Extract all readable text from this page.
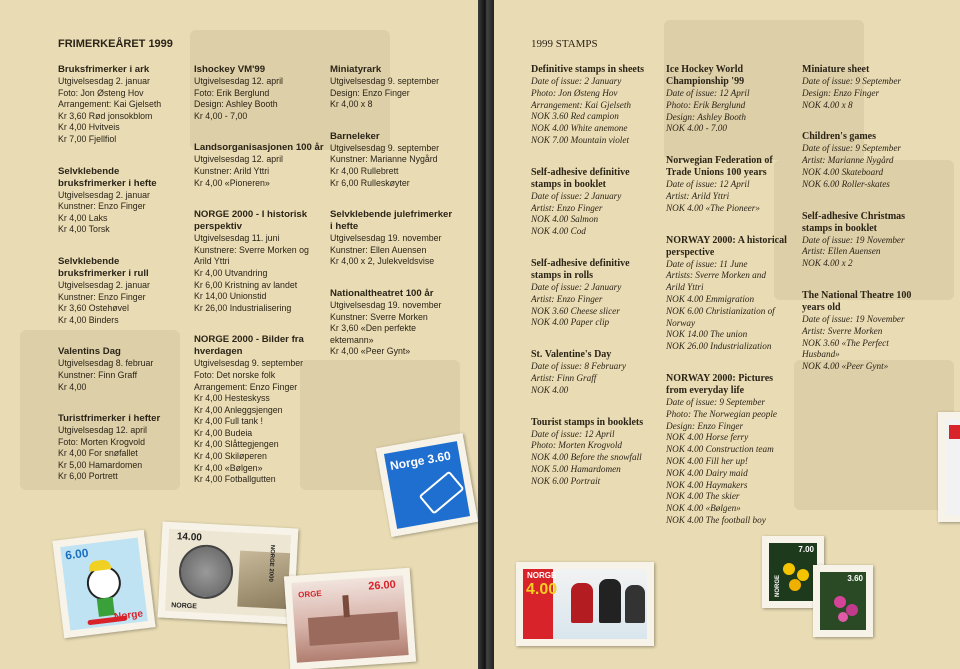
FRIMERKEÅRET 1999
Bruksfrimerker i ark
Utgivelsesdag 2. januar
Foto: Jon Østeng Hov
Arrangement: Kai Gjelseth
Kr 3,60 Rød jonsokblom
Kr 4,00 Hvitveis
Kr 7,00 Fjellfiol
Selvklebende
bruksfrimerker i hefte
Utgivelsesdag 2. januar
Kunstner: Enzo Finger
Kr 4,00 Laks
Kr 4,00 Torsk
Selvklebende
bruksfrimerker i rull
Utgivelsesdag 2. januar
Kunstner: Enzo Finger
Kr 3,60 Ostehøvel
Kr 4,00 Binders
Valentins Dag
Utgivelsesdag 8. februar
Kunstner: Finn Graff
Kr 4,00
Turistfrimerker i hefter
Utgivelsesdag 12. april
Foto: Morten Krogvold
Kr 4,00 For snøfallet
Kr 5,00 Hamardomen
Kr 6,00 Portrett
Ishockey VM'99
Utgivelsesdag 12. april
Foto: Erik Berglund
Design: Ashley Booth
Kr 4,00 - 7,00
Landsorganisasjonen 100 år
Utgivelsesdag 12. april
Kunstner: Arild Yttri
Kr 4,00 «Pioneren»
NORGE 2000 - I historisk
perspektiv
Utgivelsesdag 11. juni
Kunstnere: Sverre Morken og
Arild Yttri
Kr 4,00 Utvandring
Kr 6,00 Kristning av landet
Kr 14,00 Unionstid
Kr 26,00 Industrialisering
NORGE 2000 - Bilder fra
hverdagen
Utgivelsesdag 9. september
Foto: Det norske folk
Arrangement: Enzo Finger
Kr 4,00 Hesteskyss
Kr 4,00 Anleggsjengen
Kr 4,00 Full tank !
Kr 4,00 Budeia
Kr 4,00 Slåttegjengen
Kr 4,00 Skiløperen
Kr 4,00 «Bølgen»
Kr 4,00 Fotballgutten
Miniatyrark
Utgivelsesdag 9. september
Design: Enzo Finger
Kr 4,00 x 8
Barneleker
Utgivelsesdag 9. september
Kunstner: Marianne Nygård
Kr 4,00 Rullebrett
Kr 6,00 Rulleskøyter
Selvklebende julefrimerker
i hefte
Utgivelsesdag 19. november
Kunstner: Ellen Auensen
Kr 4,00 x 2, Julekveldsvise
Nationaltheatret 100 år
Utgivelsesdag 19. november
Kunstner: Sverre Morken
Kr 3,60 «Den perfekte
ektemann»
Kr 4,00 «Peer Gynt»
6.00
Norge
14.00
NORGE
NORGE 2000
26.00
ORGE
Norge 3.60
1999 STAMPS
Definitive stamps in sheets
Date of issue: 2 January
Photo: Jon Østeng Hov
Arrangement: Kai Gjelseth
NOK 3.60 Red campion
NOK 4.00 White anemone
NOK 7.00 Mountain violet
Self-adhesive definitive
stamps in booklet
Date of issue: 2 January
Artist: Enzo Finger
NOK 4.00 Salmon
NOK 4.00 Cod
Self-adhesive definitive
stamps in rolls
Date of issue: 2 January
Artist: Enzo Finger
NOK 3.60 Cheese slicer
NOK 4.00 Paper clip
St. Valentine's Day
Date of issue: 8 February
Artist: Finn Graff
NOK 4.00
Tourist stamps in booklets
Date of issue: 12 April
Photo: Morten Krogvold
NOK 4.00 Before the snowfall
NOK 5.00 Hamardomen
NOK 6.00 Portrait
Ice Hockey World
Championship '99
Date of issue: 12 April
Photo: Erik Berglund
Design: Ashley Booth
NOK 4.00 - 7.00
Norwegian Federation of
Trade Unions 100 years
Date of issue: 12 April
Artist: Arild Yttri
NOK 4.00 «The Pioneer»
NORWAY 2000: A historical
perspective
Date of issue: 11 June
Artists: Sverre Morken and
Arild Yttri
NOK 4.00 Emmigration
NOK 6.00 Christianization of
Norway
NOK 14.00 The union
NOK 26.00 Industrialization
NORWAY 2000: Pictures
from everyday life
Date of issue: 9 September
Photo: The Norwegian people
Design: Enzo Finger
NOK 4.00 Horse ferry
NOK 4.00 Construction team
NOK 4.00 Fill her up!
NOK 4.00 Dairy maid
NOK 4.00 Haymakers
NOK 4.00 The skier
NOK 4.00 «Bølgen»
NOK 4.00 The football boy
Miniature sheet
Date of issue: 9 September
Design: Enzo Finger
NOK 4.00 x 8
Children's games
Date of issue: 9 September
Artist: Marianne Nygård
NOK 4.00 Skateboard
NOK 6.00 Roller-skates
Self-adhesive Christmas
stamps in booklet
Date of issue: 19 November
Artist: Ellen Auensen
NOK 4.00 x 2
The National Theatre 100
years old
Date of issue: 19 November
Artist: Sverre Morken
NOK 3.60 «The Perfect
Husband»
NOK 4.00 «Peer Gynt»
NORGE
4.00
7.00
NORGE	3.60
